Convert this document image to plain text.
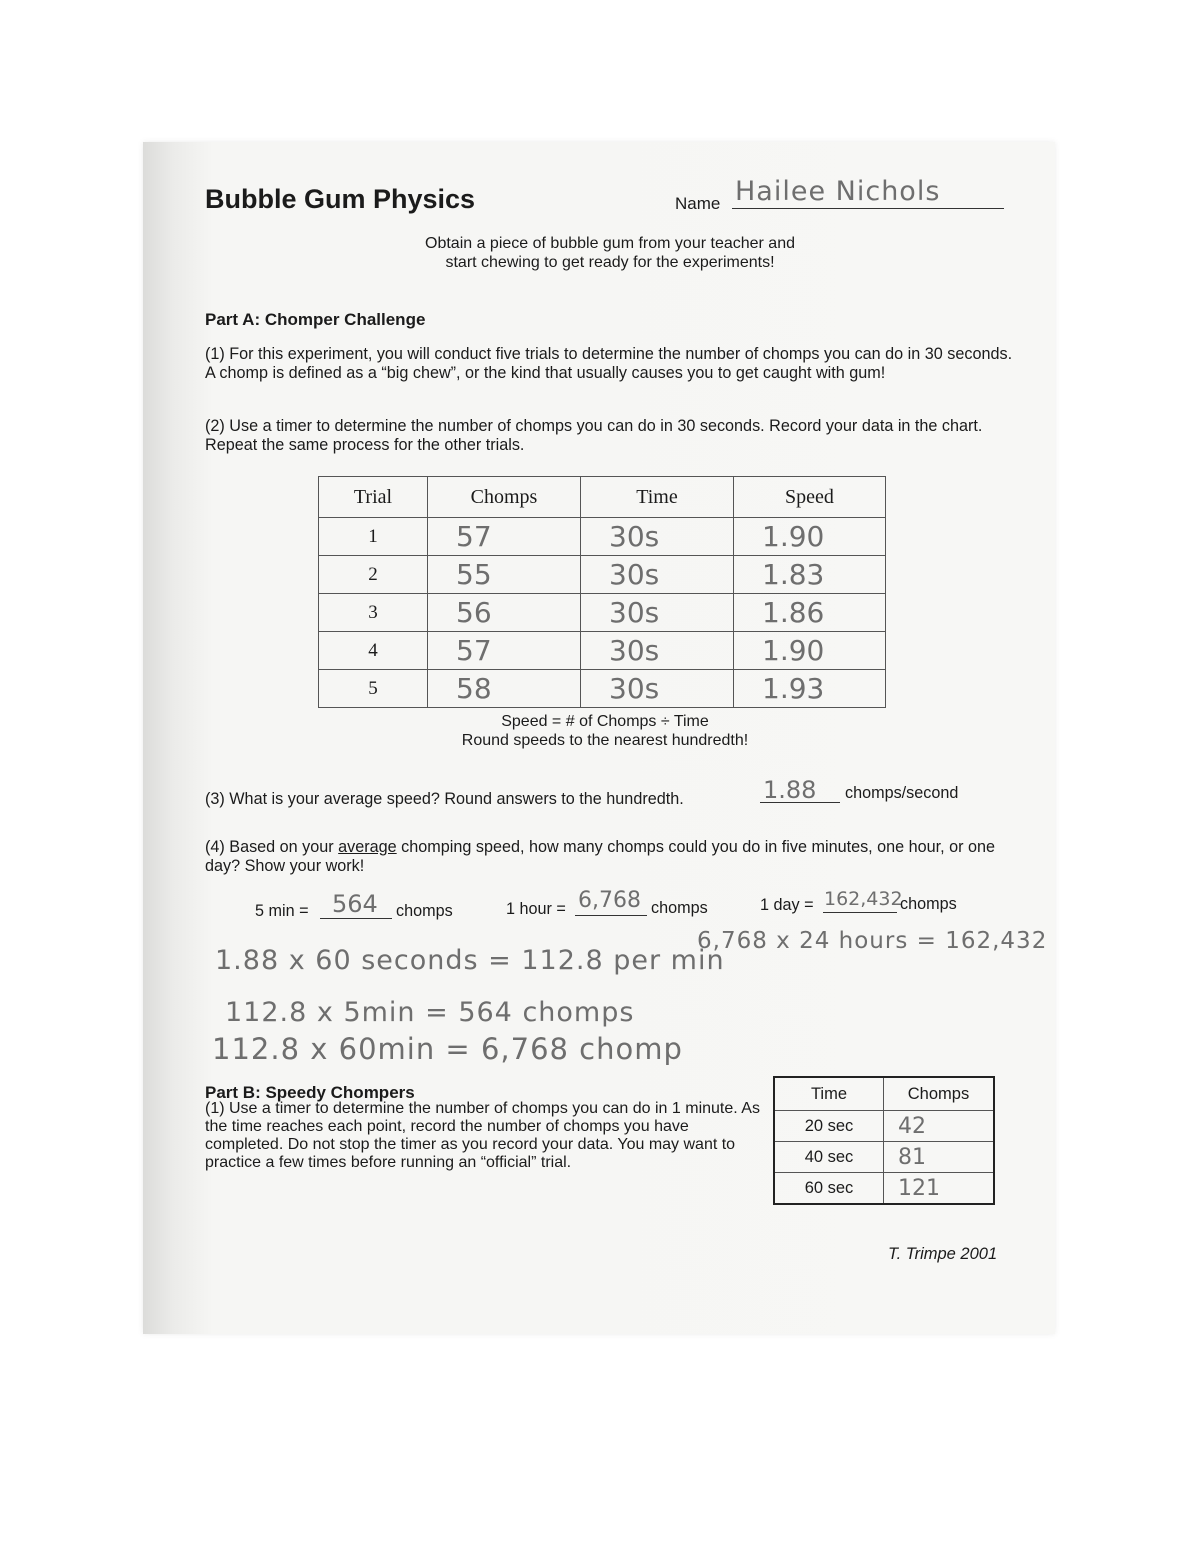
Bubble Gum Physics	Name Hailee Nichols
Obtain a piece of bubble gum from your teacher and
start chewing to get ready for the experiments!
Part A: Chomper Challenge
(1) For this experiment, you will conduct five trials to determine the number of chomps you can do in 30 seconds. A chomp is defined as a “big chew”, or the kind that usually causes you to get caught with gum!
(2) Use a timer to determine the number of chomps you can do in 30 seconds. Record your data in the chart. Repeat the same process for the other trials.
Trial	Chomps	Time	Speed
1	57	30s	1.90
2	55	30s	1.83
3	56	30s	1.86
4	57	30s	1.90
5	58	30s	1.93
Speed = # of Chomps ÷ Time
Round speeds to the nearest hundredth!
(3) What is your average speed? Round answers to the hundredth.	1.88 chomps/second
(4) Based on your average chomping speed, how many chomps could you do in five minutes, one hour, or one day? Show your work!
5 min = 564 chomps	1 hour = 6,768 chomps	1 day = 162,432
chomps
1.88 x 60 seconds = 112.8 per min
112.8 x 5min = 564 chomps
112.8 x 60min = 6,768 chomp
6,768 x 24 hours = 162,432
Part B: Speedy Chompers
(1) Use a timer to determine the number of chomps you can do in 1 minute. As the time reaches each point, record the number of chomps you have completed. Do not stop the timer as you record your data. You may want to practice a few times before running an “official” trial.
Time	Chomps
20 sec	42
40 sec	81
60 sec	121
T. Trimpe 2001
